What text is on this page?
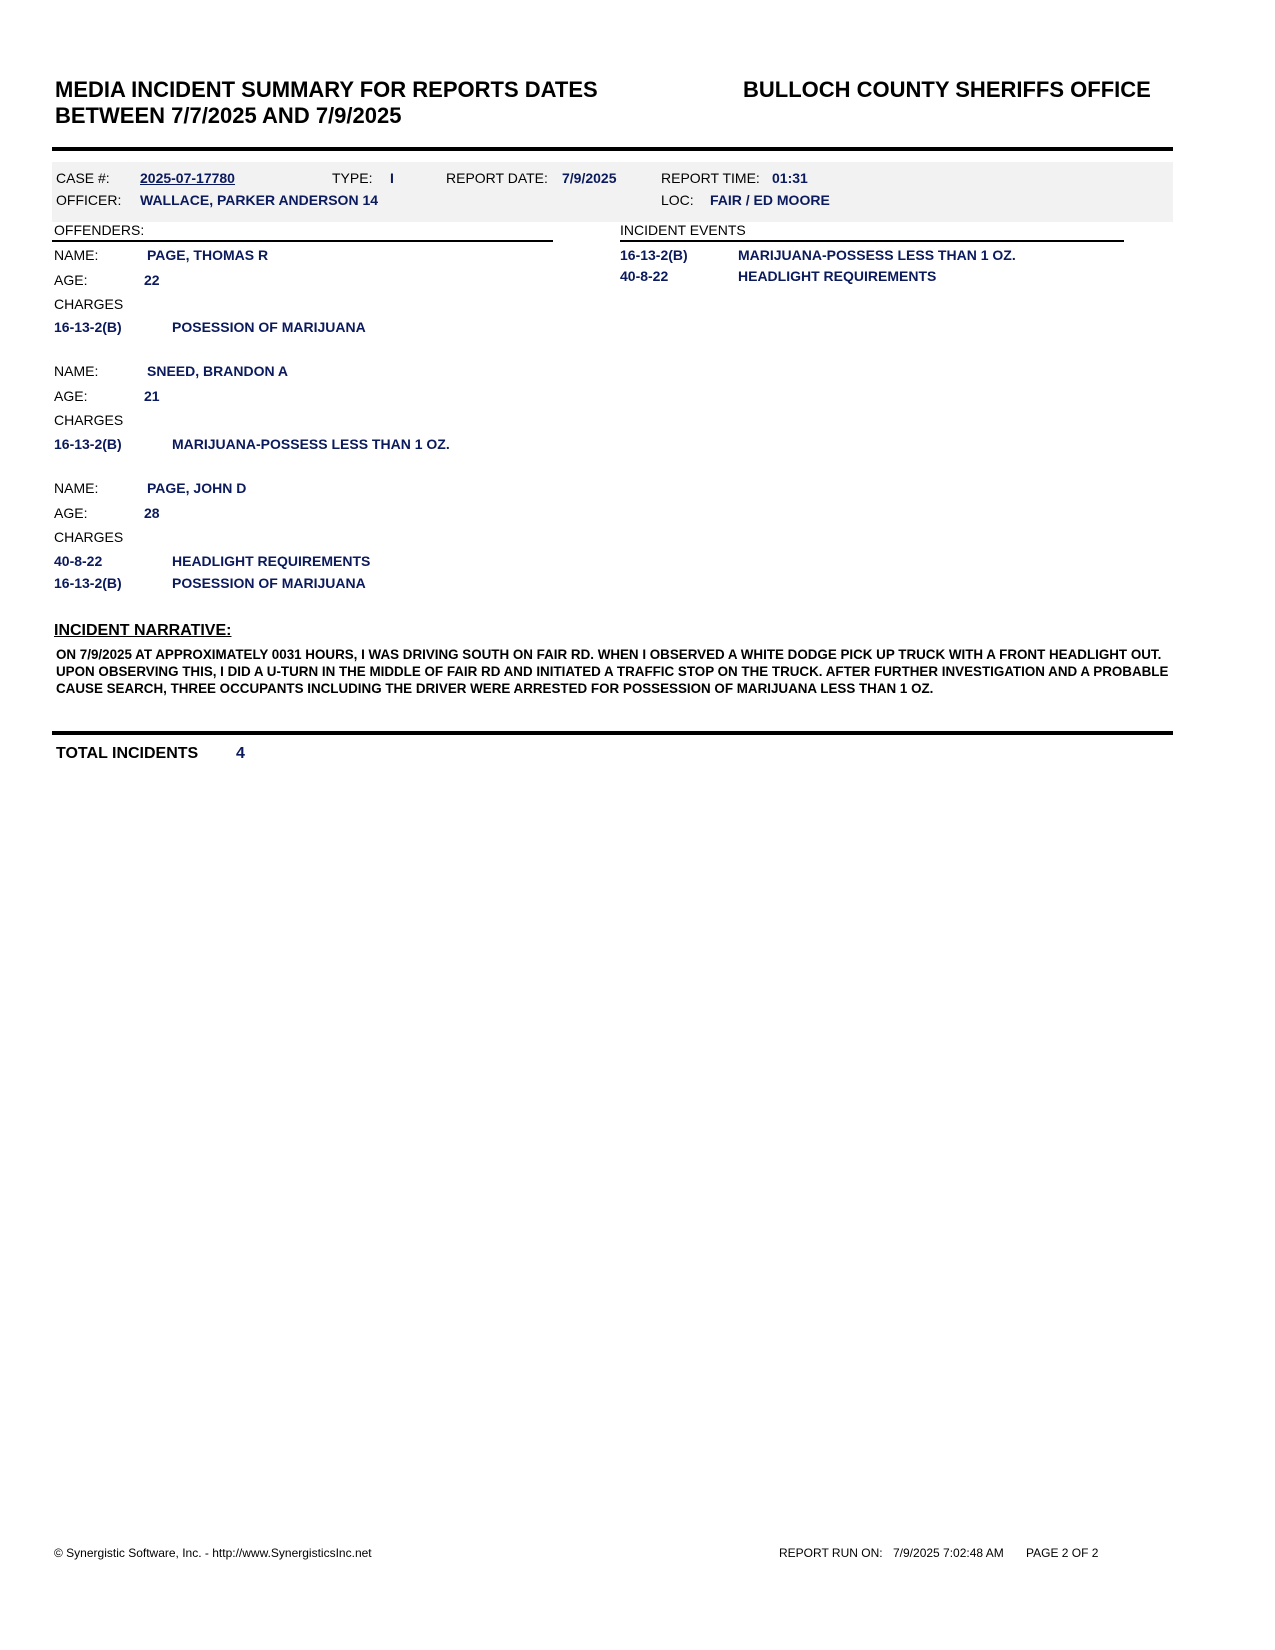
MEDIA INCIDENT SUMMARY FOR REPORTS DATES
BETWEEN 7/7/2025 AND 7/9/2025
BULLOCH COUNTY SHERIFFS OFFICE
CASE #: 2025-07-17780	TYPE: I	REPORT DATE: 7/9/2025	REPORT TIME: 01:31
OFFICER: WALLACE, PARKER ANDERSON 14	LOC: FAIR / ED MOORE
OFFENDERS:	INCIDENT EVENTS
16-13-2(B)	MARIJUANA-POSSESS LESS THAN 1 OZ.
40-8-22	HEADLIGHT REQUIREMENTS
NAME:	PAGE, THOMAS R
AGE:	22
CHARGES
16-13-2(B)	POSESSION OF MARIJUANA
NAME:	SNEED, BRANDON A
AGE:	21
CHARGES
16-13-2(B)	MARIJUANA-POSSESS LESS THAN 1 OZ.
NAME:	PAGE, JOHN D
AGE:	28
CHARGES
40-8-22	HEADLIGHT REQUIREMENTS
16-13-2(B)	POSESSION OF MARIJUANA
INCIDENT NARRATIVE:
ON 7/9/2025 AT APPROXIMATELY 0031 HOURS, I WAS DRIVING SOUTH ON FAIR RD. WHEN I OBSERVED A WHITE DODGE PICK UP TRUCK WITH A FRONT HEADLIGHT OUT. UPON OBSERVING THIS, I DID A U-TURN IN THE MIDDLE OF FAIR RD AND INITIATED A TRAFFIC STOP ON THE TRUCK. AFTER FURTHER INVESTIGATION AND A PROBABLE CAUSE SEARCH, THREE OCCUPANTS INCLUDING THE DRIVER WERE ARRESTED FOR POSSESSION OF MARIJUANA LESS THAN 1 OZ.
TOTAL INCIDENTS 4
© Synergistic Software, Inc. - http://www.SynergisticsInc.net	REPORT RUN ON: 7/9/2025 7:02:48 AM PAGE 2 OF 2
